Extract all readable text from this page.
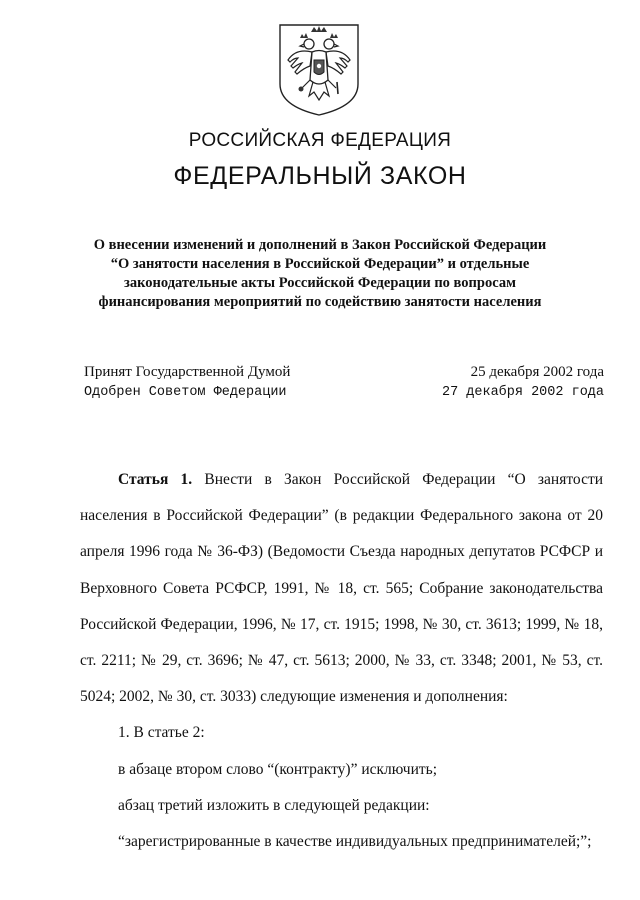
РОССИЙСКАЯ ФЕДЕРАЦИЯ
ФЕДЕРАЛЬНЫЙ ЗАКОН
О внесении изменений и дополнений в Закон Российской Федерации
“О занятости населения в Российской Федерации” и отдельные
законодательные акты Российской Федерации по вопросам
финансирования мероприятий по содействию занятости населения
Принят Государственной Думой	25 декабря 2002 года
Одобрен Советом Федерации	27 декабря 2002 года

Статья 1. Внести в Закон Российской Федерации “О занятости населения в Российской Федерации” (в редакции Федерального закона от 20 апреля 1996 года № 36-ФЗ) (Ведомости Съезда народных депутатов РСФСР и Верховного Совета РСФСР, 1991, № 18, ст. 565; Собрание законодательства Российской Федерации, 1996, № 17, ст. 1915; 1998, № 30, ст. 3613; 1999, № 18, ст. 2211; № 29, ст. 3696; № 47, ст. 5613; 2000, № 33, ст. 3348; 2001, № 53, ст. 5024; 2002, № 30, ст. 3033) следующие изменения и дополнения:

1. В статье 2:

в абзаце втором слово “(контракту)” исключить;

абзац третий изложить в следующей редакции:

“зарегистрированные в качестве индивидуальных предпринимателей;”;
